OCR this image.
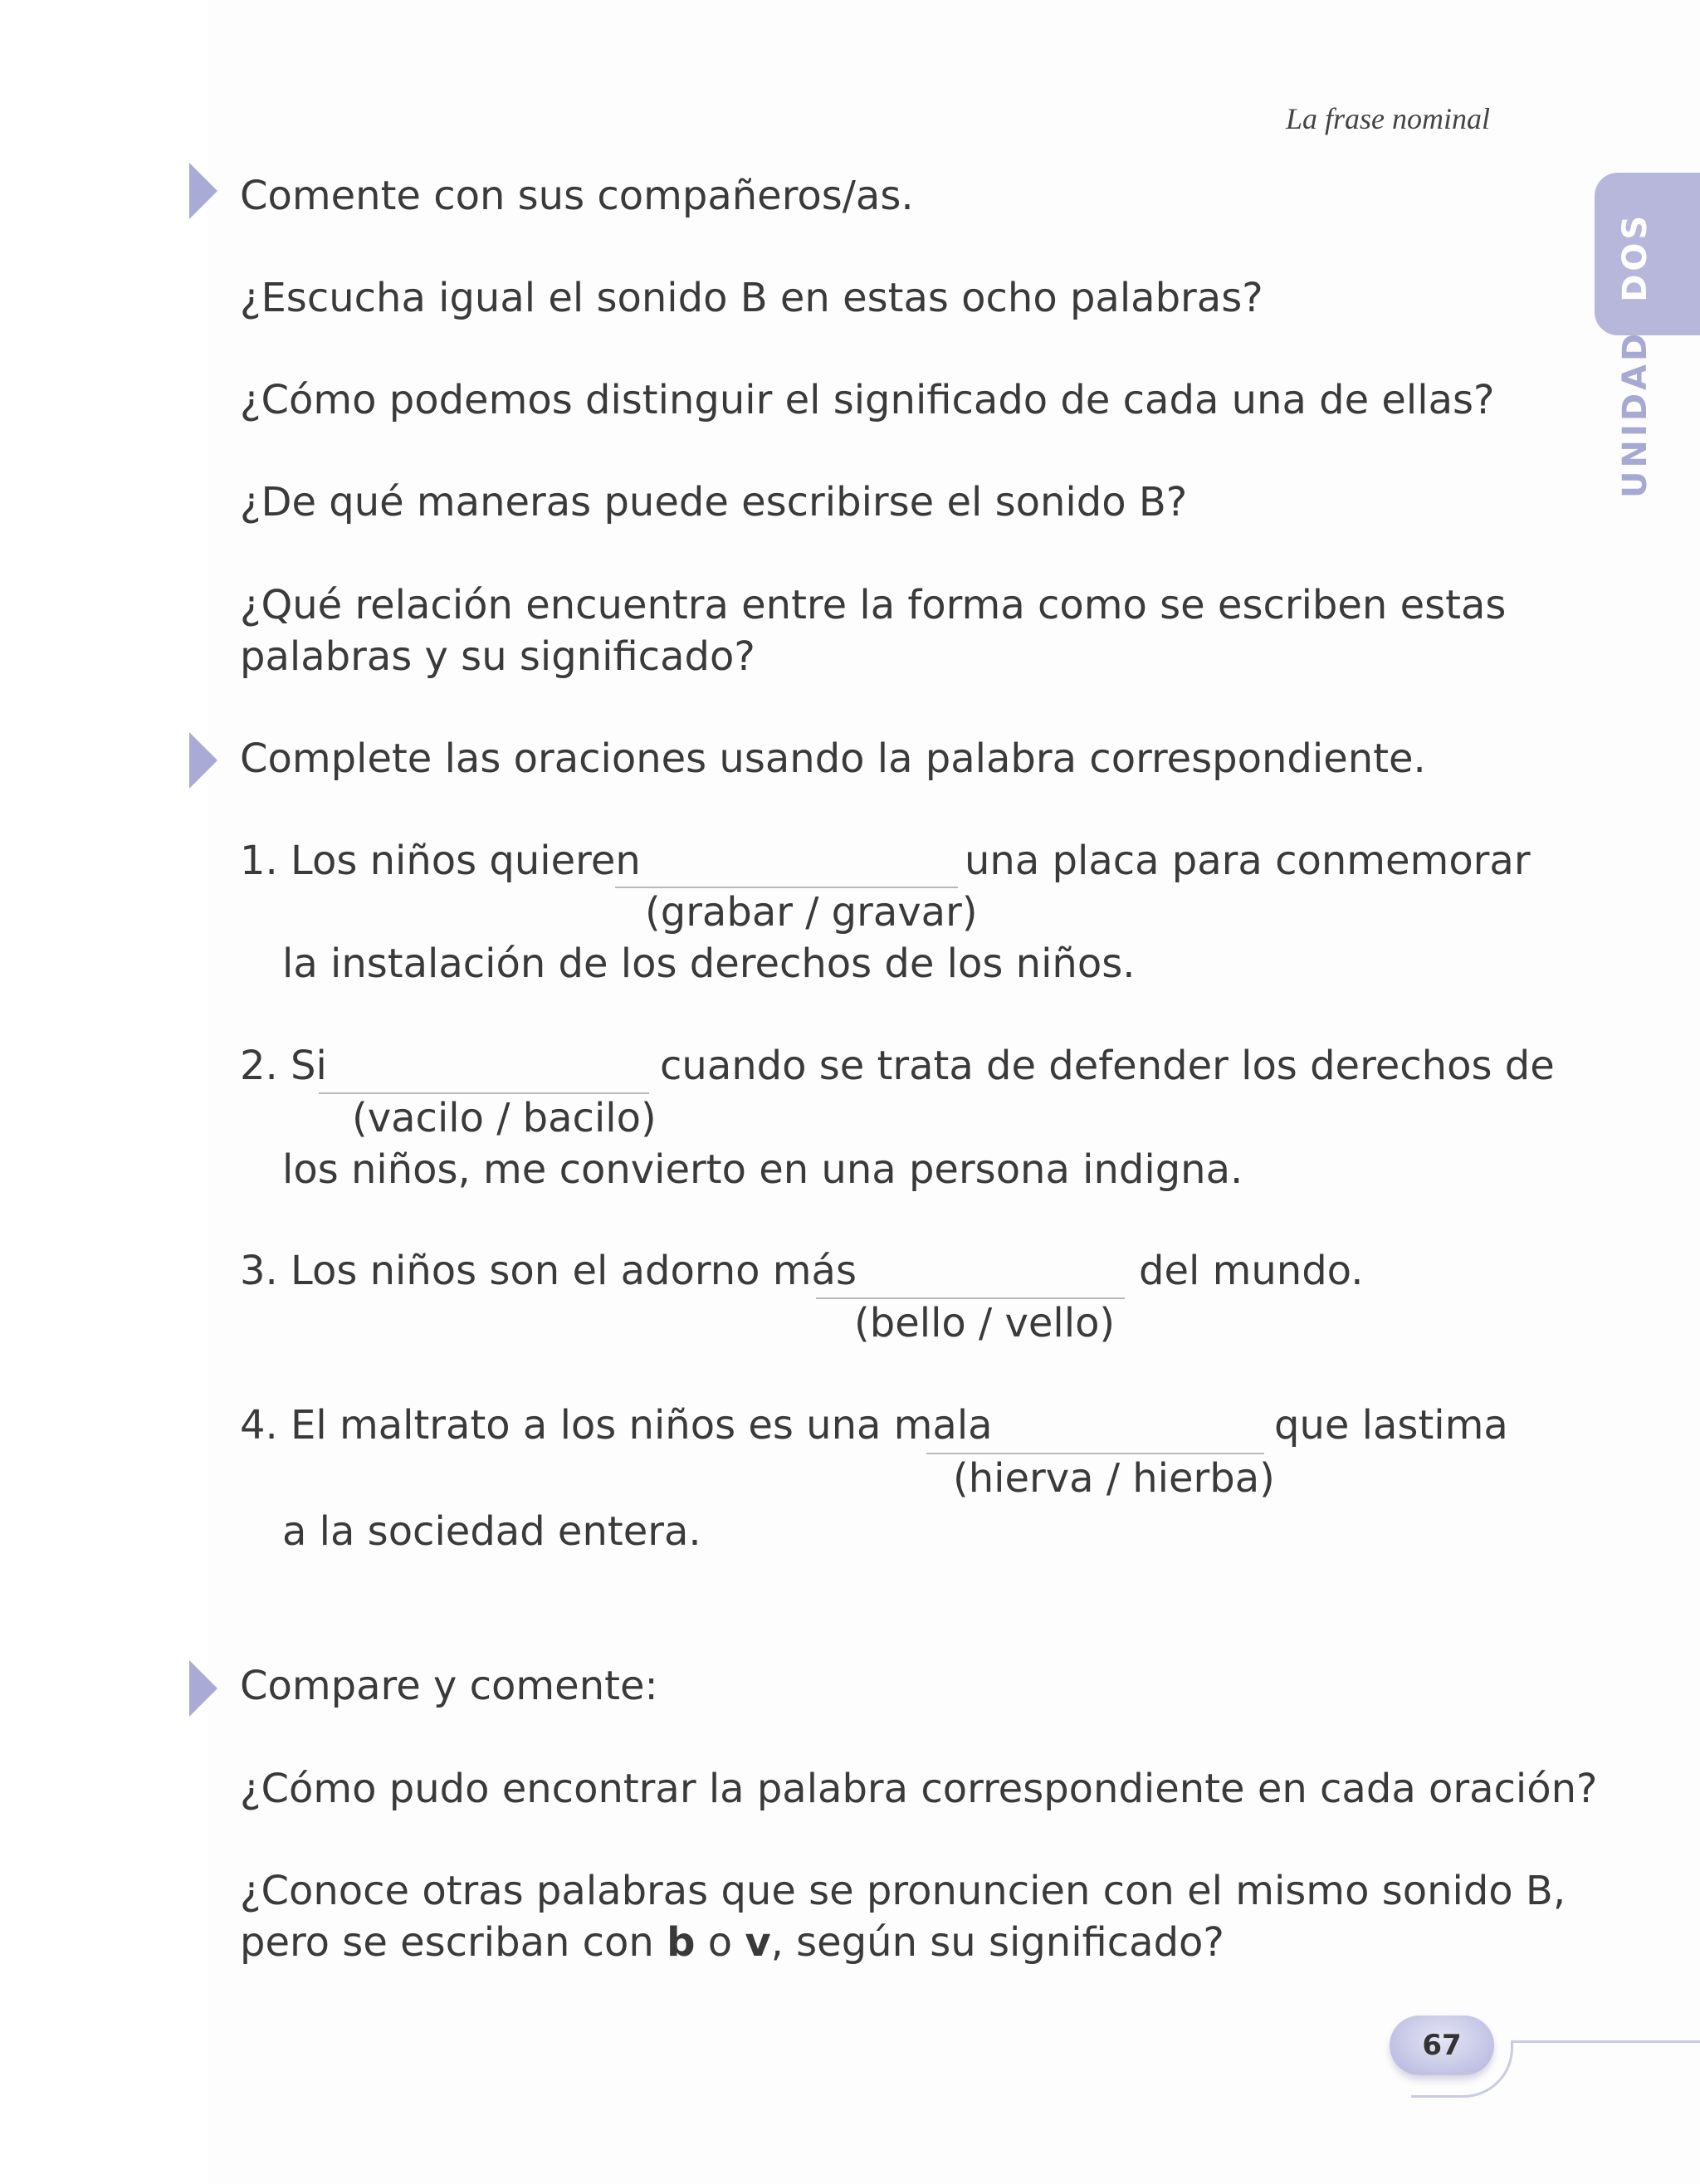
La frase nominal
UNIDADDOS
Comente con sus compañeros/as.
¿Escucha igual el sonido B en estas ocho palabras?
¿Cómo podemos distinguir el significado de cada una de ellas?
¿De qué maneras puede escribirse el sonido B?
¿Qué relación encuentra entre la forma como se escriben estas
palabras y su significado?
Complete las oraciones usando la palabra correspondiente.
1. Los niños quieren	una placa para conmemorar
(grabar / gravar)
la instalación de los derechos de los niños.
2. Si	cuando se trata de defender los derechos de
(vacilo / bacilo)
los niños, me convierto en una persona indigna.
3. Los niños son el adorno más	del mundo.
(bello / vello)
4. El maltrato a los niños es una mala	que lastima
(hierva / hierba)
a la sociedad entera.
Compare y comente:
¿Cómo pudo encontrar la palabra correspondiente en cada oración?
¿Conoce otras palabras que se pronuncien con el mismo sonido B,
pero se escriban con b o v, según su significado?
67
